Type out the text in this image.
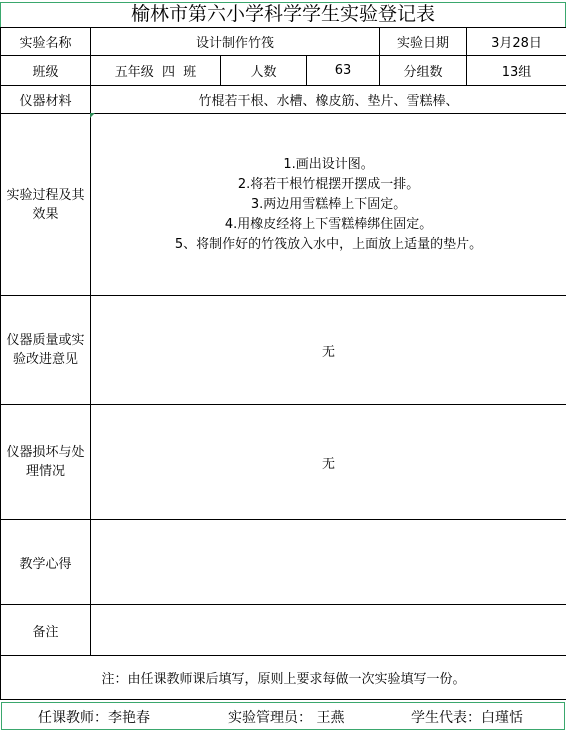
榆林市第六小学科学学生实验登记表
实验名称	设计制作竹筏			实验日期	3月28日
班级	五年级  四  班	人数	63	分组数	13组
仪器材料	竹棍若干根、水槽、橡皮筋、垫片、雪糕棒、				
实验过程及其效果	1.画出设计图。
2.将若干根竹棍摆开摆成一排。
3.两边用雪糕棒上下固定。
4.用橡皮经将上下雪糕棒绑住固定。
5、将制作好的竹筏放入水中，上面放上适量的垫片。				

仪器质量或实验改进意见	无				
仪器损坏与处理情况	无				
教学心得					
备注					
注：由任课教师课后填写，原则上要求每做一次实验填写一份。					
任课教师：李艳春	实验管理员： 王燕	学生代表：白瑾恬
